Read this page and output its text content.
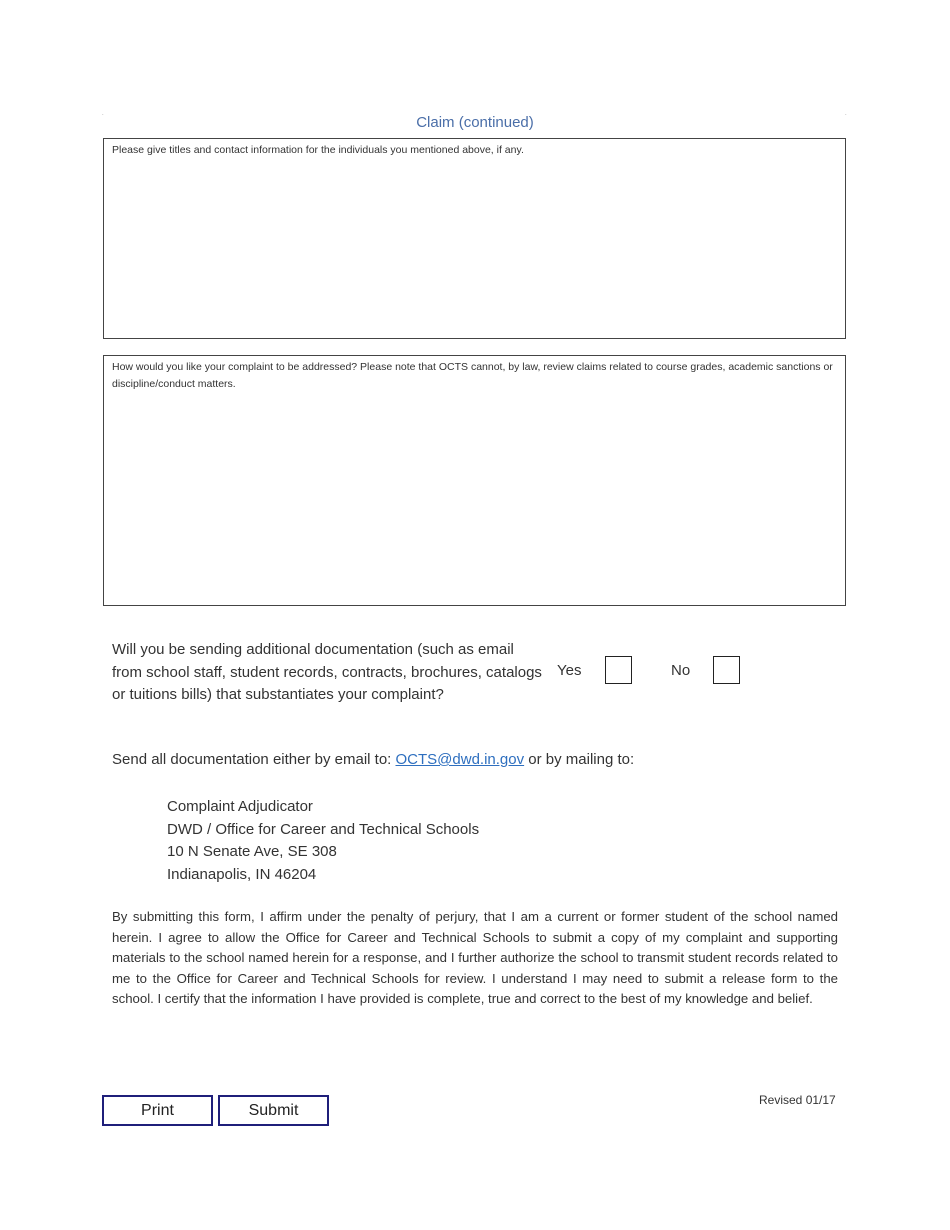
.	.
Claim (continued)
Please give titles and contact information for the individuals you mentioned above, if any.
How would you like your complaint to be addressed? Please note that OCTS cannot, by law, review claims related to course grades, academic sanctions or discipline/conduct matters.
Will you be sending additional documentation (such as email from school staff, student records, contracts, brochures, catalogs or tuitions bills) that substantiates your complaint?
Yes	No
Send all documentation either by email to: OCTS@dwd.in.gov or by mailing to:
Complaint Adjudicator
DWD / Office for Career and Technical Schools
10 N Senate Ave, SE 308
Indianapolis, IN 46204
By submitting this form, I affirm under the penalty of perjury, that I am a current or former student of the school named herein. I agree to allow the Office for Career and Technical Schools to submit a copy of my complaint and supporting materials to the school named herein for a response, and I further authorize the school to transmit student records related to me to the Office for Career and Technical Schools for review. I understand I may need to submit a release form to the school. I certify that the information I have provided is complete, true and correct to the best of my knowledge and belief.
Print	Submit
Revised 01/17
